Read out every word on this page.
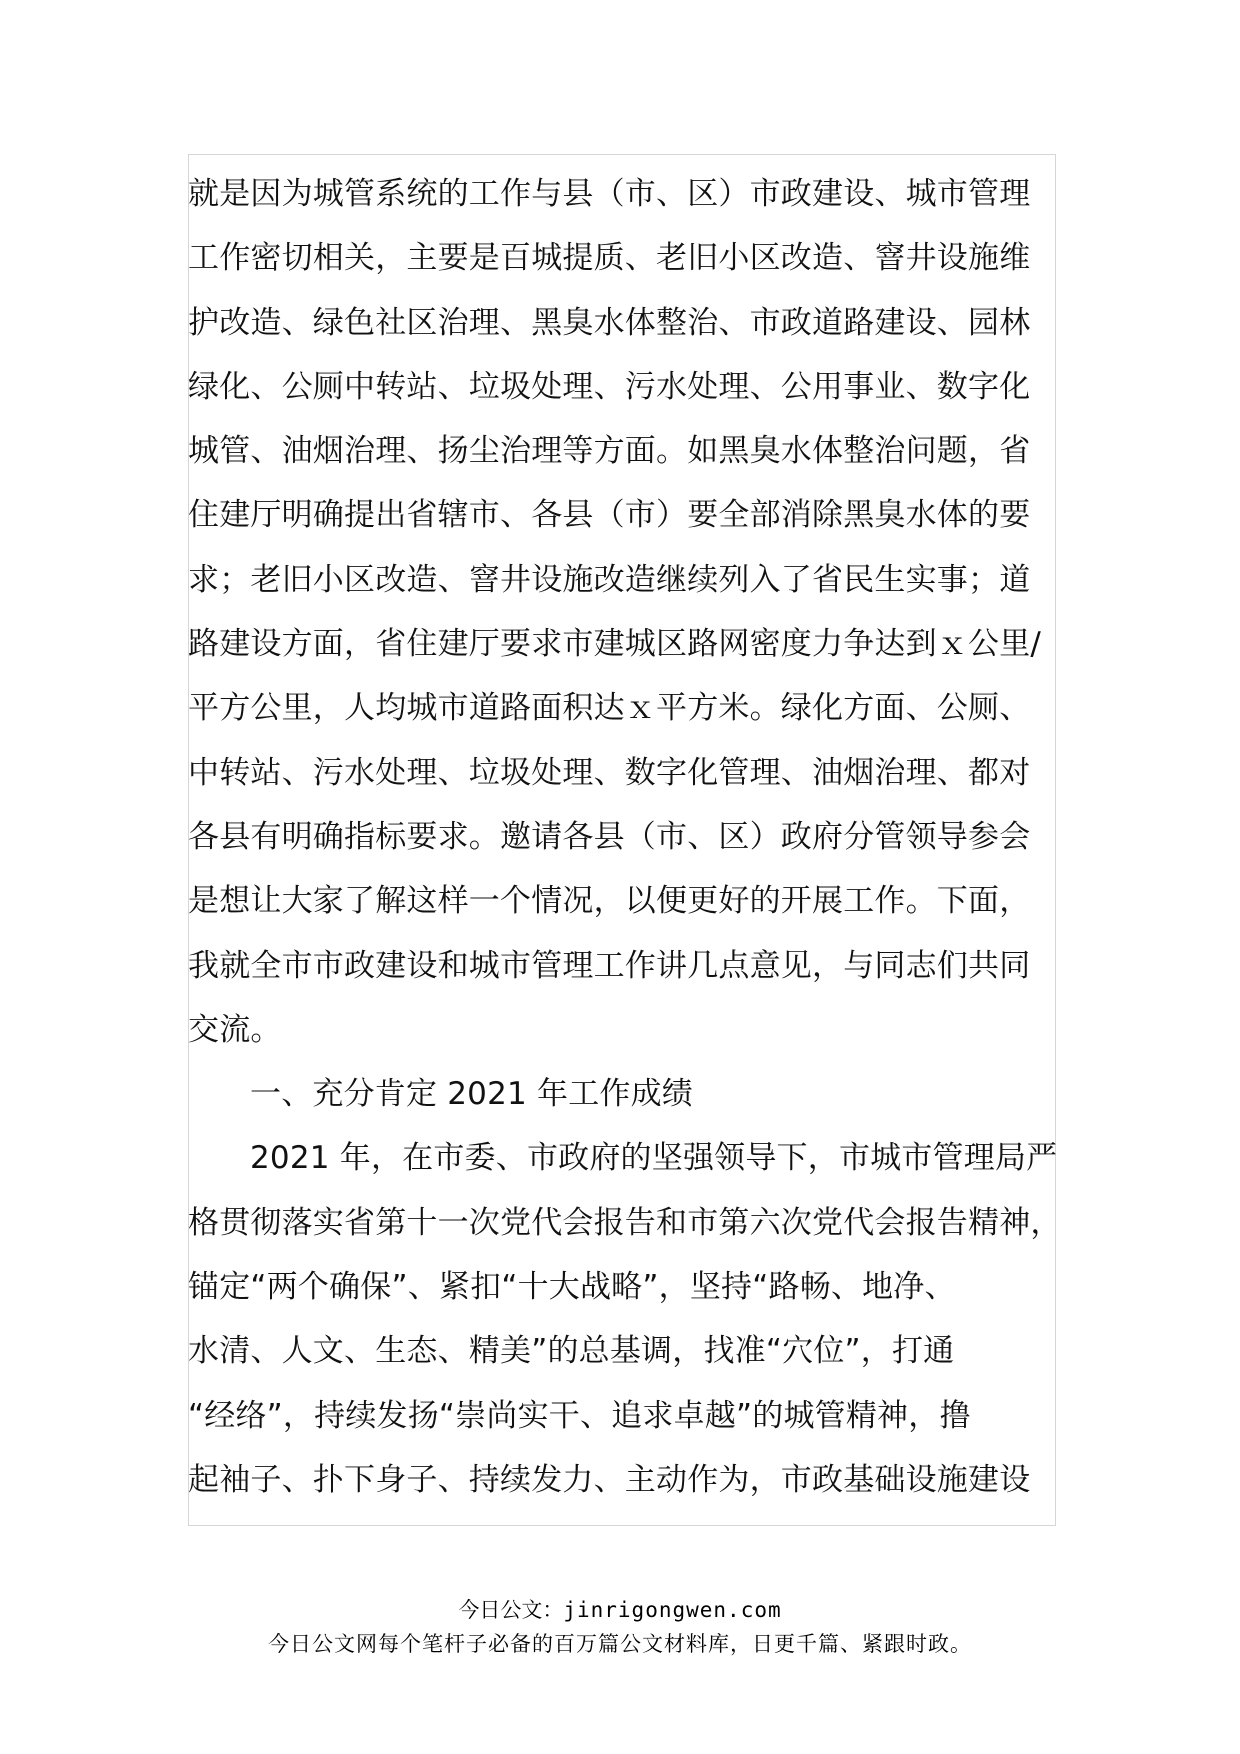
就是因为城管系统的工作与县（市、区）市政建设、城市管理
工作密切相关，主要是百城提质、老旧小区改造、窨井设施维
护改造、绿色社区治理、黑臭水体整治、市政道路建设、园林
绿化、公厕中转站、垃圾处理、污水处理、公用事业、数字化
城管、油烟治理、扬尘治理等方面。如黑臭水体整治问题，省
住建厅明确提出省辖市、各县（市）要全部消除黑臭水体的要
求；老旧小区改造、窨井设施改造继续列入了省民生实事；道
路建设方面，省住建厅要求市建城区路网密度力争达到ｘ公里/
平方公里，人均城市道路面积达ｘ平方米。绿化方面、公厕、
中转站、污水处理、垃圾处理、数字化管理、油烟治理、都对
各县有明确指标要求。邀请各县（市、区）政府分管领导参会
是想让大家了解这样一个情况，以便更好的开展工作。下面，
我就全市市政建设和城市管理工作讲几点意见，与同志们共同
交流。
一、充分肯定 2021 年工作成绩
2021 年，在市委、市政府的坚强领导下，市城市管理局严
格贯彻落实省第十一次党代会报告和市第六次党代会报告精神，
锚定“两个确保”、紧扣“十大战略”，坚持“路畅、地净、
水清、人文、生态、精美”的总基调，找准“穴位”，打通
“经络”，持续发扬“崇尚实干、追求卓越”的城管精神，撸
起袖子、扑下身子、持续发力、主动作为，市政基础设施建设
今日公文：jinrigongwen.com
今日公文网每个笔杆子必备的百万篇公文材料库，日更千篇、紧跟时政。
